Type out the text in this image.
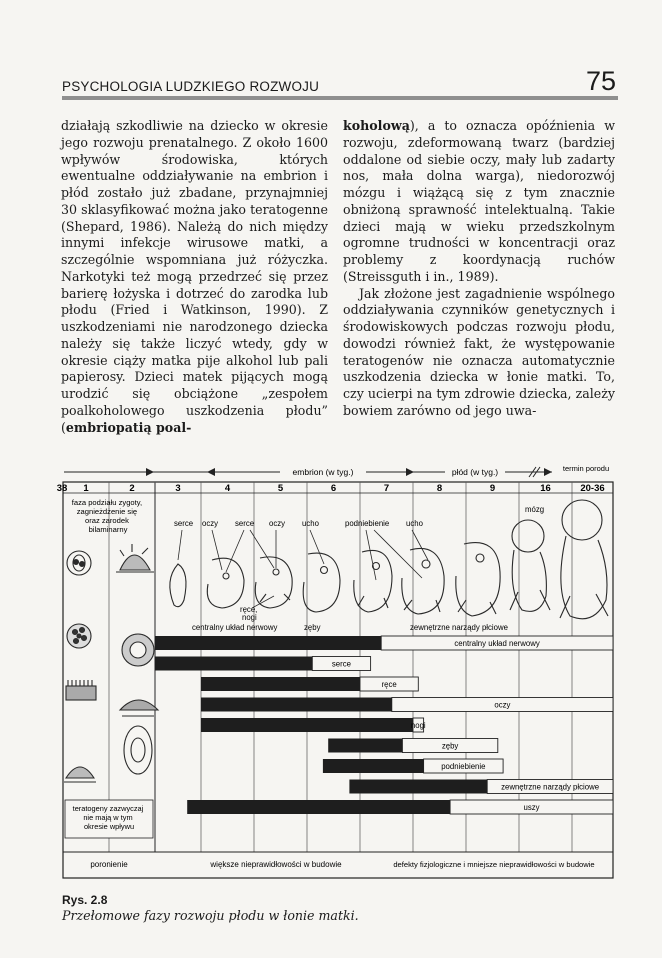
PSYCHOLOGIA LUDZKIEGO ROZWOJU	75

działają szkodliwie na dziecko w okresie jego rozwoju prenatalnego. Z około 1600 wpływów środowiska, których ewentualne oddziaływanie na embrion i płód zostało już zbadane, przynajmniej 30 sklasyfikować można jako teratogenne (Shepard, 1986). Należą do nich między innymi infekcje wirusowe matki, a szczególnie wspomniana już różyczka. Narkotyki też mogą przedrzeć się przez barierę łożyska i dotrzeć do zarodka lub płodu (Fried i Watkinson, 1990). Z uszkodzeniami nie narodzonego dziecka należy się także liczyć wtedy, gdy w okresie ciąży matka pije alkohol lub pali papierosy. Dzieci matek pijących mogą urodzić się obciążone „zespołem poalkoholowego uszkodzenia płodu” (embriopatią poal-

koholową), a to oznacza opóźnienia w rozwoju, zdeformowaną twarz (bardziej oddalone od siebie oczy, mały lub zadarty nos, mała dolna warga), niedorozwój mózgu i wiążącą się z tym znacznie obniżoną sprawność intelektualną. Takie dzieci mają w wieku przedszkolnym ogromne trudności w koncentracji oraz problemy z koordynacją ruchów (Streissguth i in., 1989).

Jak złożone jest zagadnienie wspólnego oddziaływania czynników genetycznych i środowiskowych podczas rozwoju płodu, dowodzi również fakt, że występowanie teratogenów nie oznacza automatycznie uszkodzenia dziecka w łonie matki. To, czy ucierpi na tym zdrowie dziecka, zależy bowiem zarówno od jego uwa-

embrion (w tyg.)	płód (w tyg.)	termin porodu
1	2	3	4	5	6	7	8	9	16	20-36
38
faza podziału zygoty, zagnieżdżenie się oraz zarodek bilaminarny
serce oczy serce oczy ucho	podniebienie ucho
mózg
ręce,
nogi
centralny układ nerwowy	zęby	zewnętrzne narządy płciowe
teratogeny zazwyczaj nie mają w tym okresie wpływu
centralny układ nerwowy
serce
ręce
oczy
nogi
zęby
podniebienie
zewnętrzne narządy płciowe
uszy
poronienie	większe nieprawidłowości w budowie	defekty fizjologiczne i mniejsze nieprawidłowości w budowie
Rys. 2.8
Przełomowe fazy rozwoju płodu w łonie matki.
